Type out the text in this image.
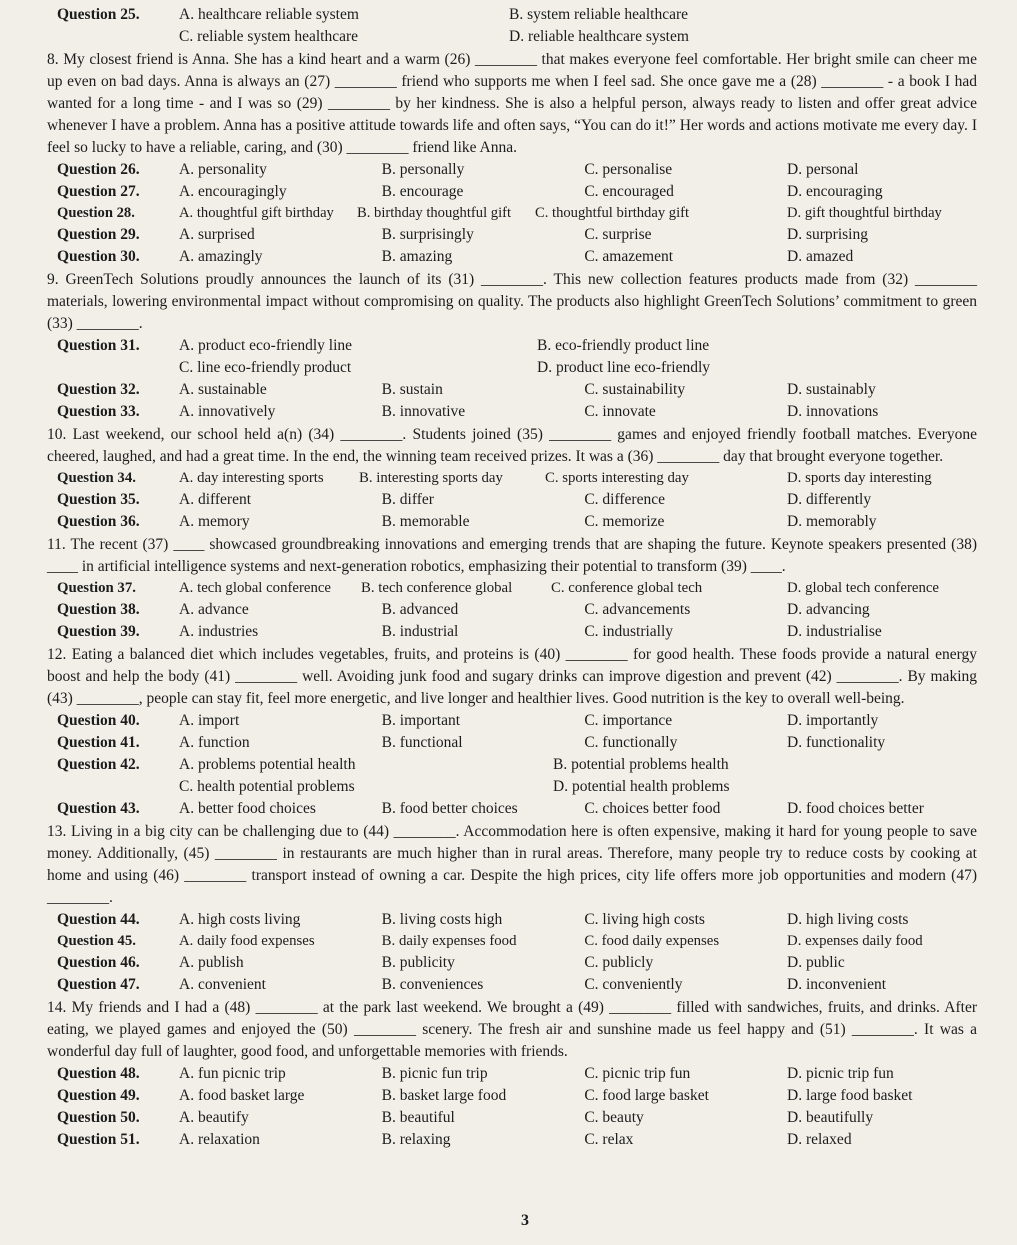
Question 25.	A. healthcare reliable system	B. system reliable healthcare
C. reliable system healthcare	D. reliable healthcare system
8. My closest friend is Anna. She has a kind heart and a warm (26) ________ that makes everyone feel comfortable. Her bright smile can cheer me up even on bad days. Anna is always an (27) ________ friend who supports me when I feel sad. She once gave me a (28) ________ - a book I had wanted for a long time - and I was so (29) ________ by her kindness. She is also a helpful person, always ready to listen and offer great advice whenever I have a problem. Anna has a positive attitude towards life and often says, “You can do it!” Her words and actions motivate me every day. I feel so lucky to have a reliable, caring, and (30) ________ friend like Anna.
Question 26.	A. personality	B. personally	C. personalise	D. personal
Question 27.	A. encouragingly	B. encourage	C. encouraged	D. encouraging
Question 28.	A. thoughtful gift birthday	B. birthday thoughtful gift	C. thoughtful birthday gift	D. gift thoughtful birthday
Question 29.	A. surprised	B. surprisingly	C. surprise	D. surprising
Question 30.	A. amazingly	B. amazing	C. amazement	D. amazed
9. GreenTech Solutions proudly announces the launch of its (31) ________. This new collection features products made from (32) ________ materials, lowering environmental impact without compromising on quality. The products also highlight GreenTech Solutions’ commitment to green (33) ________.
Question 31.	A. product eco-friendly line	B. eco-friendly product line
C. line eco-friendly product	D. product line eco-friendly
Question 32.	A. sustainable	B. sustain	C. sustainability	D. sustainably
Question 33.	A. innovatively	B. innovative	C. innovate	D. innovations
10. Last weekend, our school held a(n) (34) ________. Students joined (35) ________ games and enjoyed friendly football matches. Everyone cheered, laughed, and had a great time. In the end, the winning team received prizes. It was a (36) ________ day that brought everyone together.
Question 34.	A. day interesting sports	B. interesting sports day	C. sports interesting day	D. sports day interesting
Question 35.	A. different	B. differ	C. difference	D. differently
Question 36.	A. memory	B. memorable	C. memorize	D. memorably
11. The recent (37) ____ showcased groundbreaking innovations and emerging trends that are shaping the future. Keynote speakers presented (38) ____ in artificial intelligence systems and next-generation robotics, emphasizing their potential to transform (39) ____.
Question 37.	A. tech global conference	B. tech conference global	C. conference global tech	D. global tech conference
Question 38.	A. advance	B. advanced	C. advancements	D. advancing
Question 39.	A. industries	B. industrial	C. industrially	D. industrialise
12. Eating a balanced diet which includes vegetables, fruits, and proteins is (40) ________ for good health. These foods provide a natural energy boost and help the body (41) ________ well. Avoiding junk food and sugary drinks can improve digestion and prevent (42) ________. By making (43) ________, people can stay fit, feel more energetic, and live longer and healthier lives. Good nutrition is the key to overall well-being.
Question 40.	A. import	B. important	C. importance	D. importantly
Question 41.	A. function	B. functional	C. functionally	D. functionality
Question 42.	A. problems potential health	B. potential problems health
C. health potential problems	D. potential health problems
Question 43.	A. better food choices	B. food better choices	C. choices better food	D. food choices better
13. Living in a big city can be challenging due to (44) ________. Accommodation here is often expensive, making it hard for young people to save money. Additionally, (45) ________ in restaurants are much higher than in rural areas. Therefore, many people try to reduce costs by cooking at home and using (46) ________ transport instead of owning a car. Despite the high prices, city life offers more job opportunities and modern (47) ________.
Question 44.	A. high costs living	B. living costs high	C. living high costs	D. high living costs
Question 45.	A. daily food expenses	B. daily expenses food	C. food daily expenses	D. expenses daily food
Question 46.	A. publish	B. publicity	C. publicly	D. public
Question 47.	A. convenient	B. conveniences	C. conveniently	D. inconvenient
14. My friends and I had a (48) ________ at the park last weekend. We brought a (49) ________ filled with sandwiches, fruits, and drinks. After eating, we played games and enjoyed the (50) ________ scenery. The fresh air and sunshine made us feel happy and (51) ________. It was a wonderful day full of laughter, good food, and unforgettable memories with friends.
Question 48.	A. fun picnic trip	B. picnic fun trip	C. picnic trip fun	D. picnic trip fun
Question 49.	A. food basket large	B. basket large food	C. food large basket	D. large food basket
Question 50.	A. beautify	B. beautiful	C. beauty	D. beautifully
Question 51.	A. relaxation	B. relaxing	C. relax	D. relaxed
3
